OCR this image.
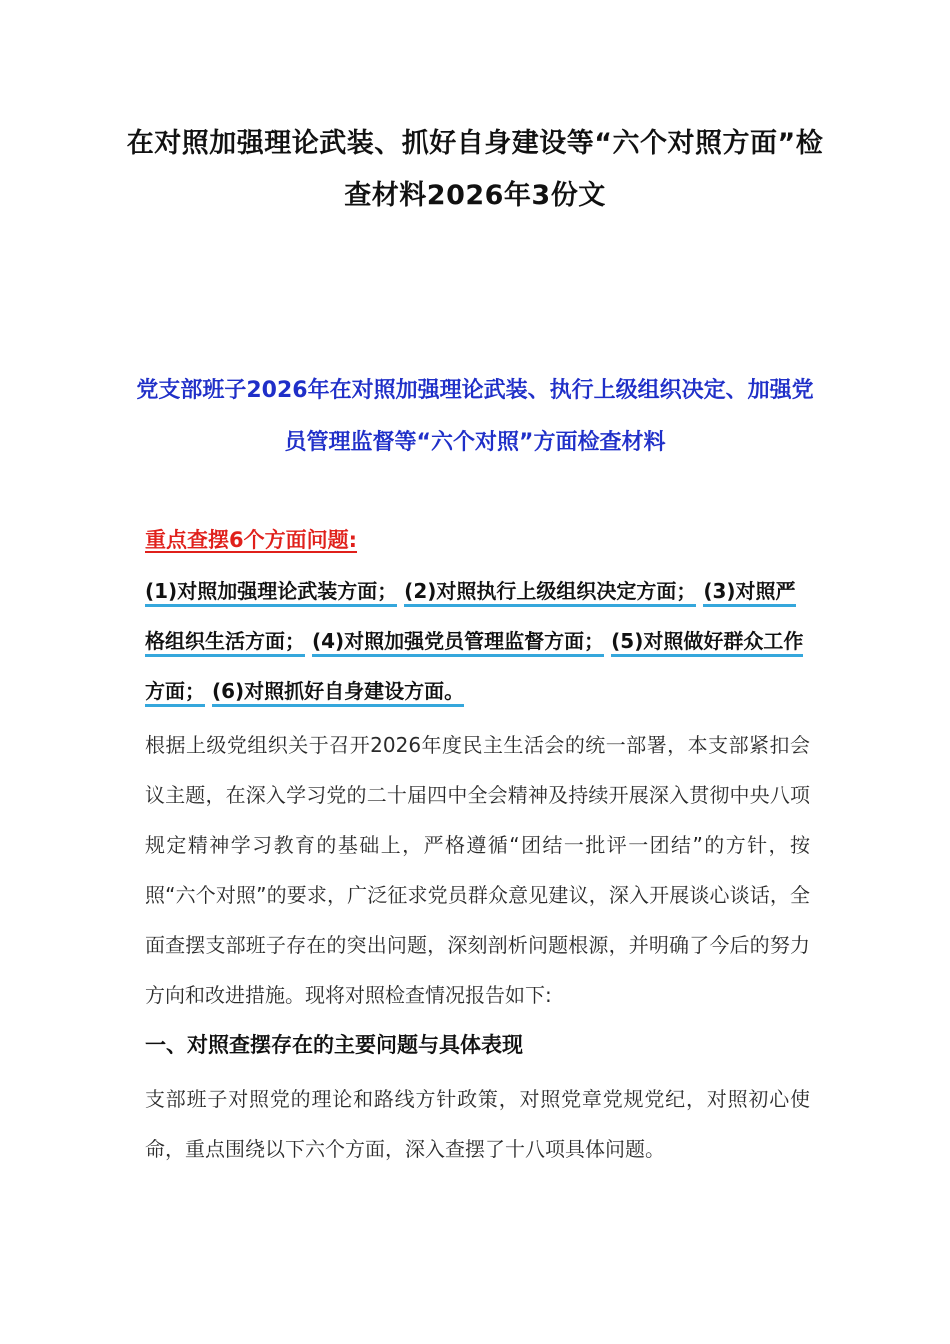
在对照加强理论武装、抓好自身建设等“六个对照方面”检查材料2026年3份文
党支部班子2026年在对照加强理论武装、执行上级组织决定、加强党员管理监督等“六个对照”方面检查材料
重点查摆6个方面问题:
(1)对照加强理论武装方面； (2)对照执行上级组织决定方面； (3)对照严格组织生活方面； (4)对照加强党员管理监督方面； (5)对照做好群众工作方面； (6)对照抓好自身建设方面。
根据上级党组织关于召开2026年度民主生活会的统一部署，本支部紧扣会议主题，在深入学习党的二十届四中全会精神及持续开展深入贯彻中央八项规定精神学习教育的基础上，严格遵循“团结一批评一团结”的方针，按照“六个对照”的要求，广泛征求党员群众意见建议，深入开展谈心谈话，全面查摆支部班子存在的突出问题，深刻剖析问题根源，并明确了今后的努力方向和改进措施。现将对照检查情况报告如下:
一、对照查摆存在的主要问题与具体表现
支部班子对照党的理论和路线方针政策，对照党章党规党纪，对照初心使命，重点围绕以下六个方面，深入查摆了十八项具体问题。
